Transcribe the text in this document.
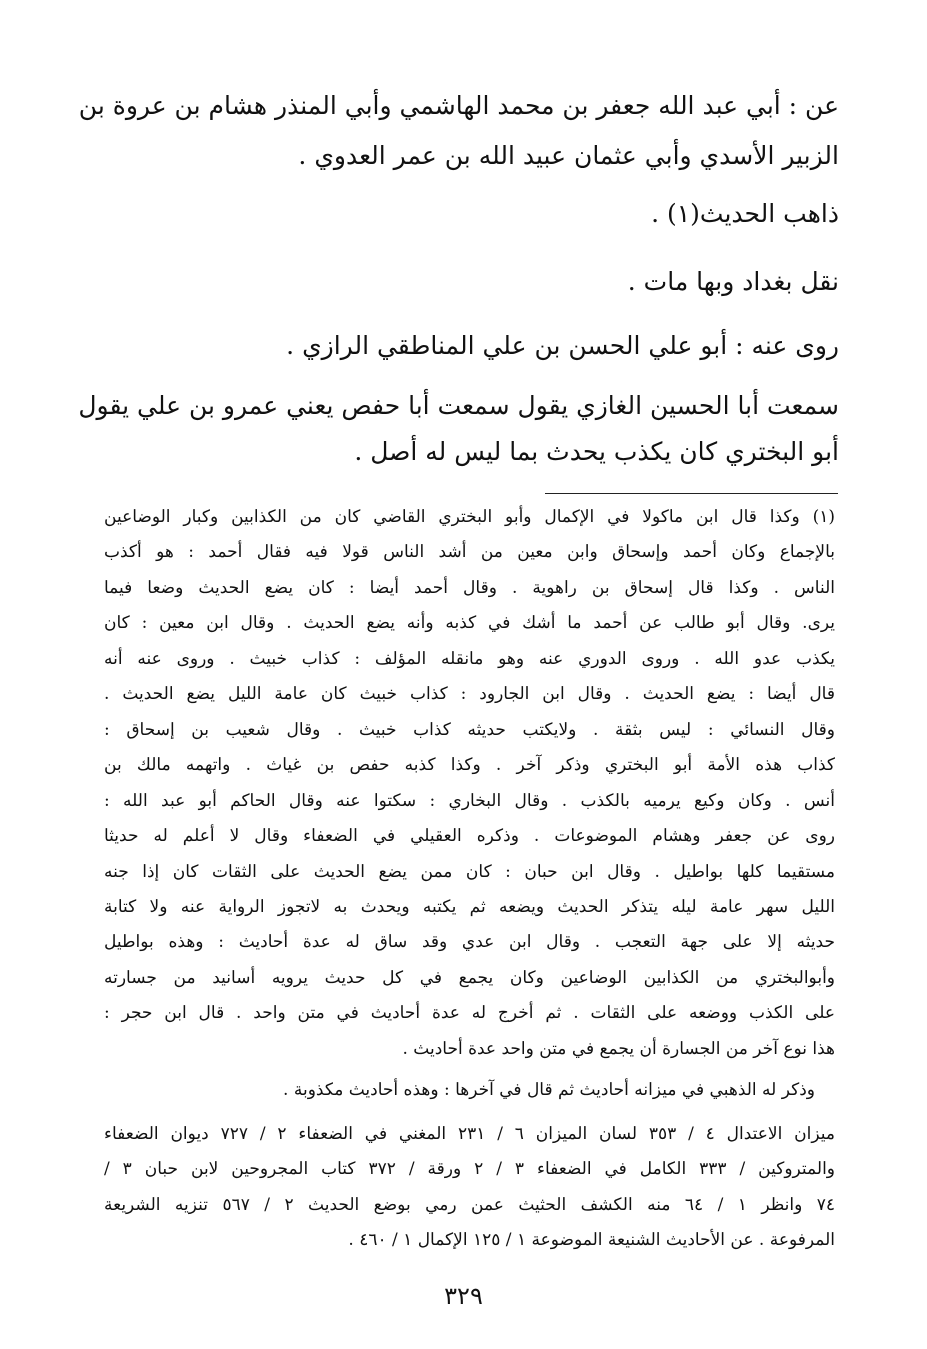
عن : أبي عبد الله جعفر بن محمد الهاشمي وأبي المنذر هشام بن عروة بن
الزبير الأسدي وأبي عثمان عبيد الله بن عمر العدوي .
ذاهب الحديث(١) .
نقل بغداد وبها مات .
روى عنه : أبو علي الحسن بن علي المناطقي الرازي .
سمعت أبا الحسين الغازي يقول سمعت أبا حفص يعني عمرو بن علي يقول
أبو البختري كان يكذب يحدث بما ليس له أصل .
(١) وكذا قال ابن ماكولا في الإكمال وأبو البختري القاضي كان من الكذابين وكبار الوضاعين
بالإجماع وكان أحمد وإسحاق وابن معين من أشد الناس قولا فيه فقال أحمد : هو أكذب
الناس . وكذا قال إسحاق بن راهوية . وقال أحمد أيضا : كان يضع الحديث وضعا فيما
يرى. وقال أبو طالب عن أحمد ما أشك في كذبه وأنه يضع الحديث . وقال ابن معين : كان
يكذب عدو الله . وروى الدوري عنه وهو مانقله المؤلف : كذاب خبيث . وروى عنه أنه
قال أيضا : يضع الحديث . وقال ابن الجارود : كذاب خبيث كان عامة الليل يضع الحديث .
وقال النسائي : ليس بثقة . ولايكتب حديثه كذاب خبيث . وقال شعيب بن إسحاق :
كذاب هذه الأمة أبو البختري وذكر آخر . وكذا كذبه حفص بن غياث . واتهمه مالك بن
أنس . وكان وكيع يرميه بالكذب . وقال البخاري : سكتوا عنه وقال الحاكم أبو عبد الله :
روى عن جعفر وهشام الموضوعات . وذكره العقيلي في الضعفاء وقال لا أعلم له حديثا
مستقيما كلها بواطيل . وقال ابن حبان : كان ممن يضع الحديث على الثقات كان إذا جنه
الليل سهر عامة ليله يتذكر الحديث ويضعه ثم يكتبه ويحدث به لاتجوز الرواية عنه ولا كتابة
حديثه إلا على جهة التعجب . وقال ابن عدي وقد ساق له عدة أحاديث : وهذه بواطيل
وأبوالبختري من الكذابين الوضاعين وكان يجمع في كل حديث يرويه أسانيد من جسارته
على الكذب ووضعه على الثقات . ثم أخرج له عدة أحاديث في متن واحد . قال ابن حجر :
هذا نوع آخر من الجسارة أن يجمع في متن واحد عدة أحاديث .
وذكر له الذهبي في ميزانه أحاديث ثم قال في آخرها : وهذه أحاديث مكذوبة .
ميزان الاعتدال ٤ / ٣٥٣ لسان الميزان ٦ / ٢٣١ المغني في الضعفاء ٢ / ٧٢٧ ديوان الضعفاء
والمتروكين / ٣٣٣ الكامل في الضعفاء ٣ / ٢ ورقة / ٣٧٢ كتاب المجروحين لابن حبان ٣ /
٧٤ وانظر ١ / ٦٤ منه الكشف الحثيث عمن رمي بوضع الحديث ٢ / ٥٦٧ تنزيه الشريعة
المرفوعة . عن الأحاديث الشنيعة الموضوعة ١ / ١٢٥ الإكمال ١ / ٤٦٠ .
٣٢٩
